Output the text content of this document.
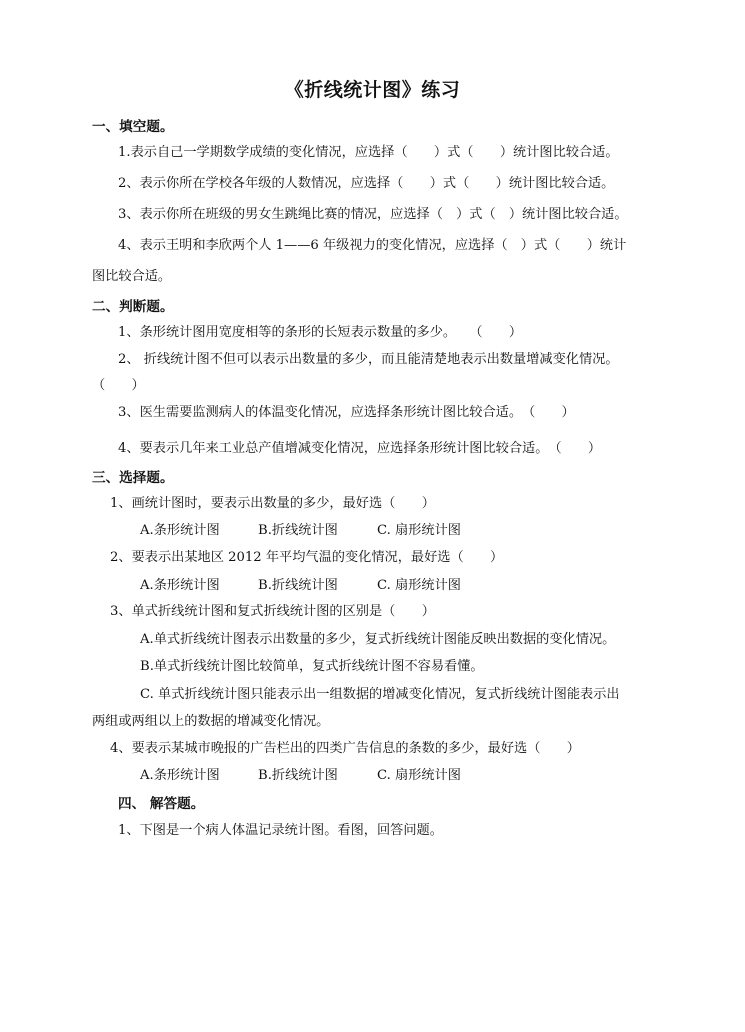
《折线统计图》练习
一、填空题。
1.表示自己一学期数学成绩的变化情况，应选择（　　）式（　　）统计图比较合适。
2、表示你所在学校各年级的人数情况，应选择（　　）式（　　）统计图比较合适。
3、表示你所在班级的男女生跳绳比赛的情况，应选择（　）式（　）统计图比较合适。
4、表示王明和李欣两个人 1——6 年级视力的变化情况，应选择（　）式（　　）统计
图比较合适。
二、判断题。
1、条形统计图用宽度相等的条形的长短表示数量的多少。　　（　　）
2、 折线统计图不但可以表示出数量的多少，而且能清楚地表示出数量增减变化情况。
（　　）
3、医生需要监测病人的体温变化情况，应选择条形统计图比较合适。　（　　）
4、要表示几年来工业总产值增减变化情况，应选择条形统计图比较合适。　（　　）
三、选择题。
1、画统计图时，要表示出数量的多少，最好选（　　）
A.条形统计图	B.折线统计图	C. 扇形统计图
2、要表示出某地区 2012 年平均气温的变化情况，最好选（　　）
A.条形统计图	B.折线统计图	C. 扇形统计图
3、单式折线统计图和复式折线统计图的区别是（　　）
A.单式折线统计图表示出数量的多少，复式折线统计图能反映出数据的变化情况。
B.单式折线统计图比较简单，复式折线统计图不容易看懂。
C. 单式折线统计图只能表示出一组数据的增减变化情况，复式折线统计图能表示出
两组或两组以上的数据的增减变化情况。
4、要表示某城市晚报的广告栏出的四类广告信息的条数的多少，最好选（　　）
A.条形统计图	B.折线统计图	C. 扇形统计图
四、 解答题。
1、下图是一个病人体温记录统计图。看图，回答问题。
